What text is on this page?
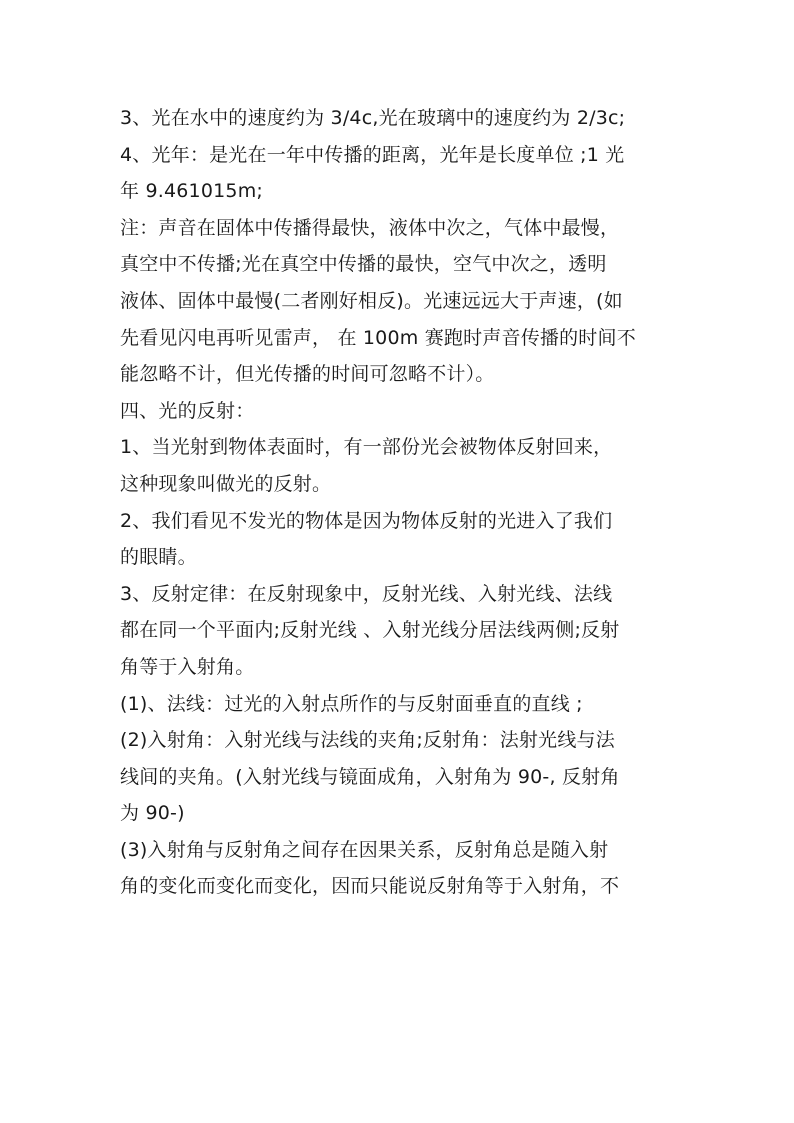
3、光在水中的速度约为 3/4c,光在玻璃中的速度约为 2/3c;
4、光年：是光在一年中传播的距离，光年是长度单位 ;1 光
年 9.461015m;
注：声音在固体中传播得最快，液体中次之，气体中最慢，
真空中不传播;光在真空中传播的最快，空气中次之，透明
液体、固体中最慢(二者刚好相反)。光速远远大于声速，(如
先看见闪电再听见雷声， 在 100m 赛跑时声音传播的时间不
能忽略不计，但光传播的时间可忽略不计）。
四、光的反射：
1、当光射到物体表面时，有一部份光会被物体反射回来，
这种现象叫做光的反射。
2、我们看见不发光的物体是因为物体反射的光进入了我们
的眼睛。
3、反射定律：在反射现象中，反射光线、入射光线、法线
都在同一个平面内;反射光线 、入射光线分居法线两侧;反射
角等于入射角。
(1)、法线：过光的入射点所作的与反射面垂直的直线 ;
(2)入射角：入射光线与法线的夹角;反射角：法射光线与法
线间的夹角。(入射光线与镜面成角，入射角为 90-, 反射角
为 90-)
(3)入射角与反射角之间存在因果关系，反射角总是随入射
角的变化而变化而变化，因而只能说反射角等于入射角，不
